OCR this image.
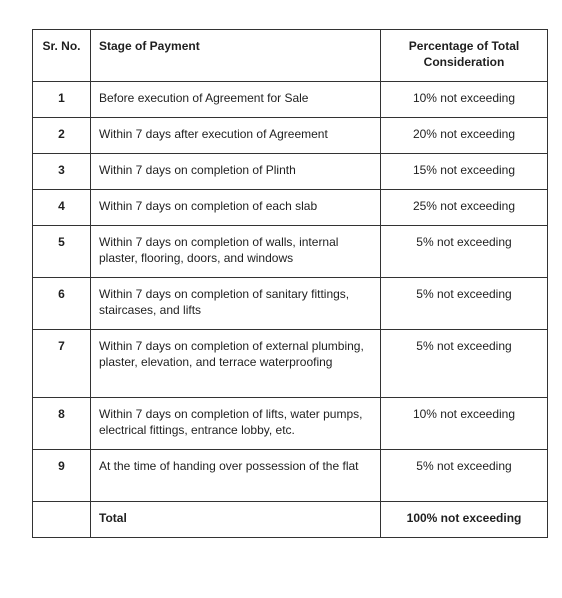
Sr. No.	Stage of Payment	Percentage of Total Consideration
1	Before execution of Agreement for Sale	10% not exceeding
2	Within 7 days after execution of Agreement	20% not exceeding
3	Within 7 days on completion of Plinth	15% not exceeding
4	Within 7 days on completion of each slab	25% not exceeding
5	Within 7 days on completion of walls, internal plaster, flooring, doors, and windows	5% not exceeding
6	Within 7 days on completion of sanitary fittings, staircases, and lifts	5% not exceeding
7	Within 7 days on completion of external plumbing, plaster, elevation, and terrace waterproofing	5% not exceeding
8	Within 7 days on completion of lifts, water pumps, electrical fittings, entrance lobby, etc.	10% not exceeding
9	At the time of handing over possession of the flat	5% not exceeding
	Total	100% not exceeding
